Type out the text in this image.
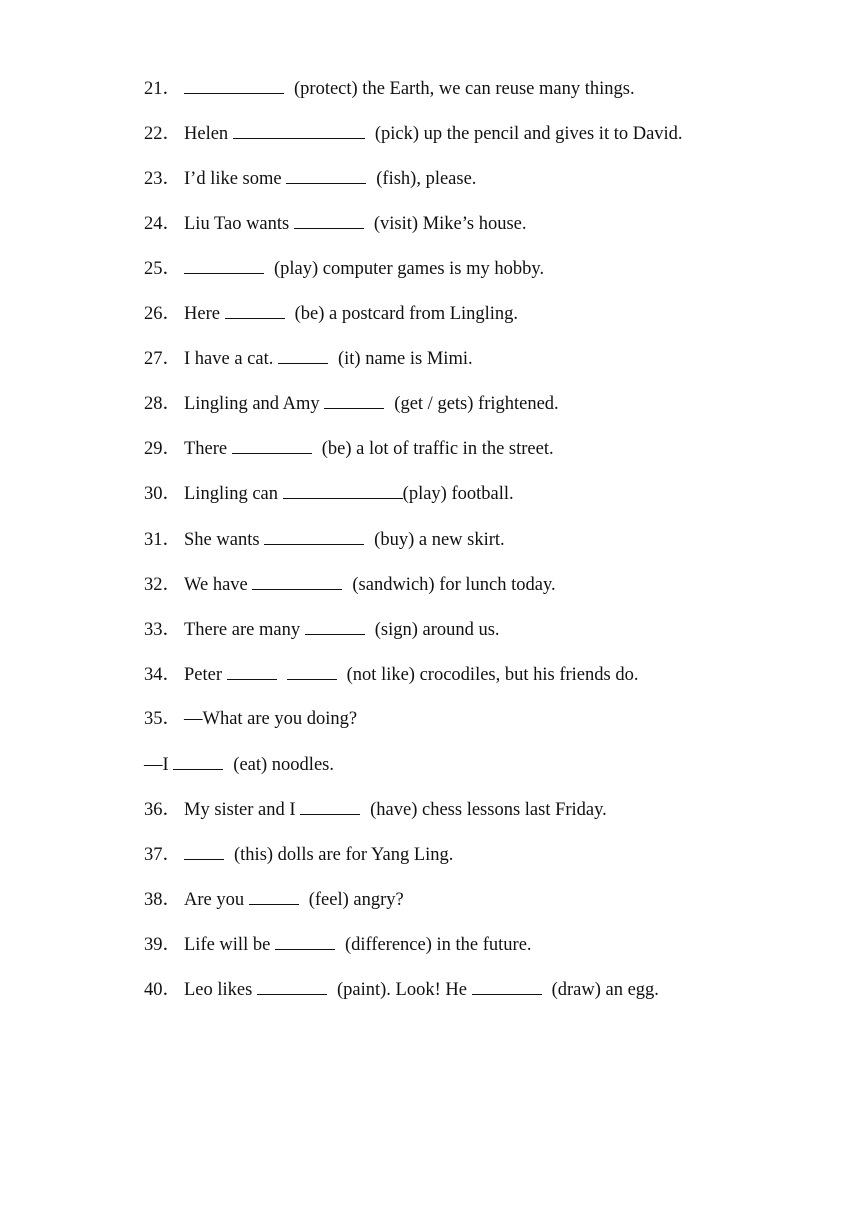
21．	(protect) the Earth, we can reuse many things.
22． Helen	(pick) up the pencil and gives it to David.
23． I’d like some	(fish), please.
24． Liu Tao wants	(visit) Mike’s house.
25．	(play) computer games is my hobby.
26． Here	(be) a postcard from Lingling.
27． I have a cat.	(it) name is Mimi.
28． Lingling and Amy	(get / gets) frightened.
29． There	(be) a lot of traffic in the street.
30． Lingling can	(play) football.
31． She wants	(buy) a new skirt.
32． We have	(sandwich) for lunch today.
33． There are many	(sign) around us.
34． Peter	(not like) crocodiles, but his friends do.
35． —What are you doing?
—I	(eat) noodles.
36． My sister and I	(have) chess lessons last Friday.
37．	(this) dolls are for Yang Ling.
38． Are you	(feel) angry?
39． Life will be	(difference) in the future.
40． Leo likes	(paint). Look! He	(draw) an egg.
